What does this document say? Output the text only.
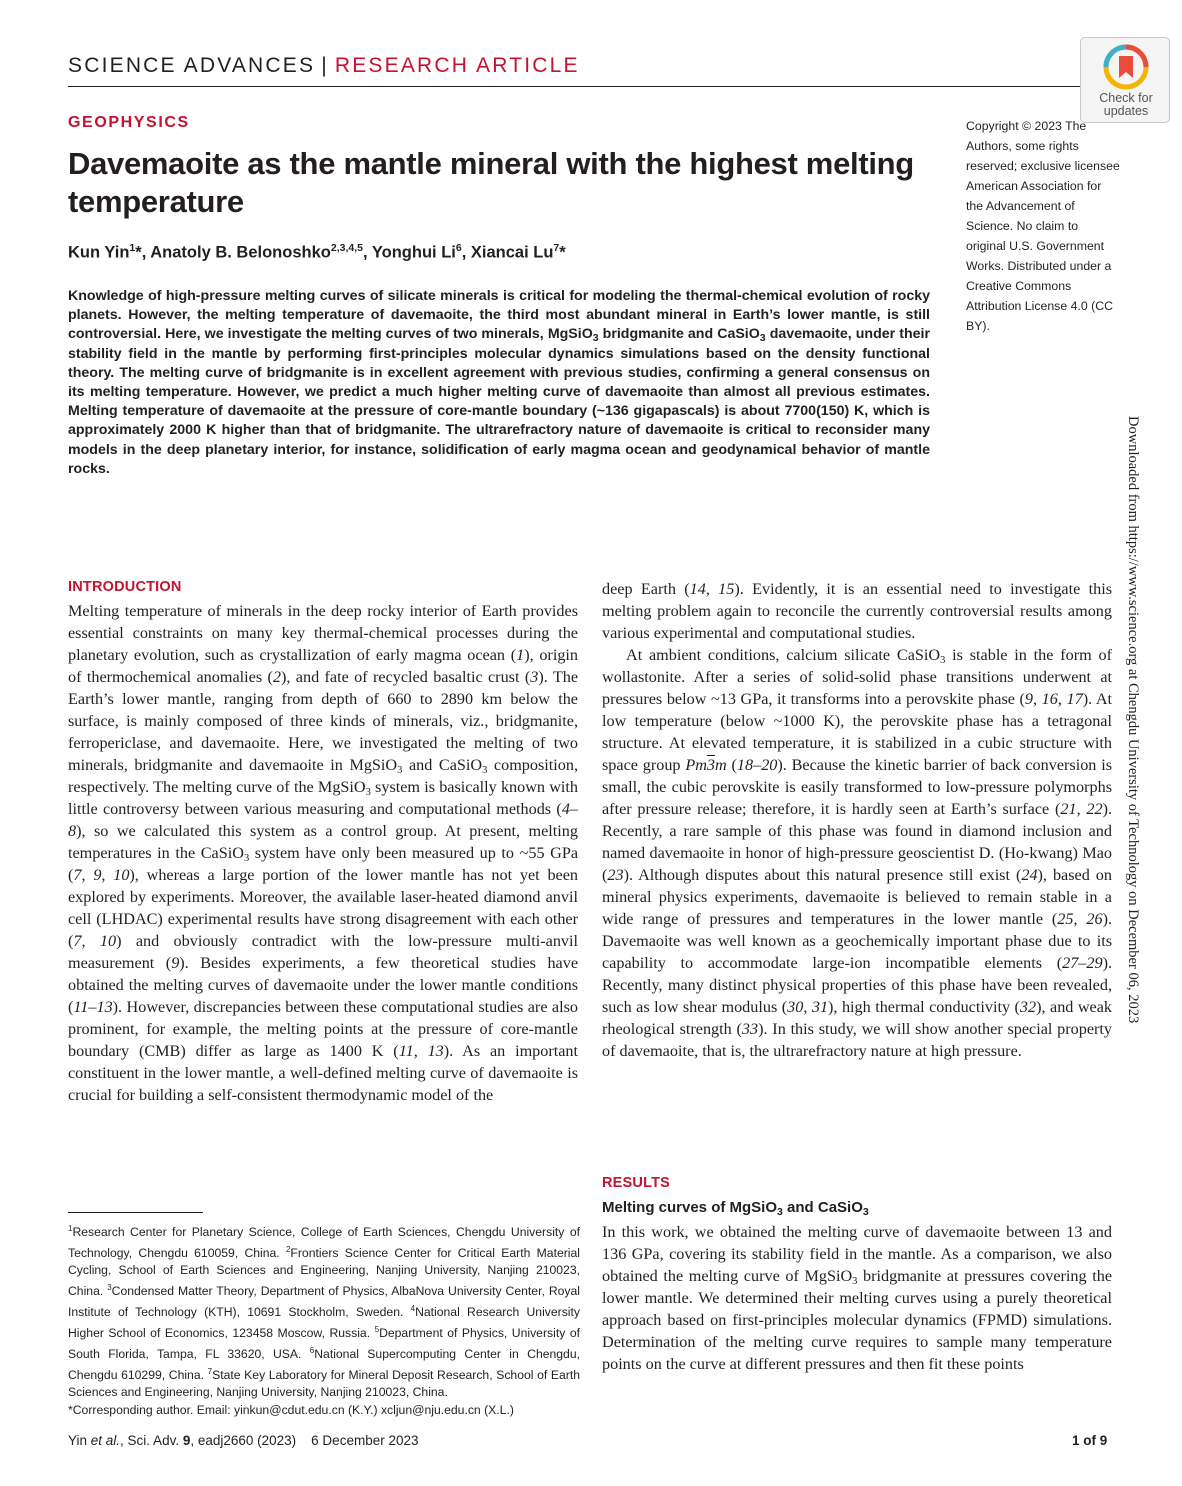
SCIENCE ADVANCES | RESEARCH ARTICLE
Check for
updates
GEOPHYSICS
Davemaoite as the mantle mineral with the highest melting temperature
Kun Yin$^1$*, Anatoly B. Belonoshko$^{2,3,4,5}$, Yonghui Li$^6$, Xiancai Lu$^7$*
Copyright © 2023 The Authors, some rights reserved; exclusive licensee American Association for the Advancement of Science. No claim to original U.S. Government Works. Distributed under a Creative Commons Attribution License 4.0 (CC BY).
Knowledge of high-pressure melting curves of silicate minerals is critical for modeling the thermal-chemical evolution of rocky planets. However, the melting temperature of davemaoite, the third most abundant mineral in Earth’s lower mantle, is still controversial. Here, we investigate the melting curves of two minerals, MgSiO$_3$ bridgmanite and CaSiO$_3$ davemaoite, under their stability field in the mantle by performing first-principles molecular dynamics simulations based on the density functional theory. The melting curve of bridgmanite is in excellent agreement with previous studies, confirming a general consensus on its melting temperature. However, we predict a much higher melting curve of davemaoite than almost all previous estimates. Melting temperature of davemaoite at the pressure of core-mantle boundary (~136 gigapascals) is about 7700(150) K, which is approximately 2000 K higher than that of bridgmanite. The ultrarefractory nature of davemaoite is critical to reconsider many models in the deep planetary interior, for instance, solidification of early magma ocean and geodynamical behavior of mantle rocks.	Downloaded from https://www.science.org at Chengdu University of Technology on December 06, 2023
INTRODUCTION

Melting temperature of minerals in the deep rocky interior of Earth provides essential constraints on many key thermal-chemical processes during the planetary evolution, such as crystallization of early magma ocean (1), origin of thermochemical anomalies (2), and fate of recycled basaltic crust (3). The Earth’s lower mantle, ranging from depth of 660 to 2890 km below the surface, is mainly composed of three kinds of minerals, viz., bridgmanite, ferropericlase, and davemaoite. Here, we investigated the melting of two minerals, bridgmanite and davemaoite in MgSiO$_3$ and CaSiO$_3$ composition, respectively. The melting curve of the MgSiO$_3$ system is basically known with little controversy between various measuring and computational methods (4–8), so we calculated this system as a control group. At present, melting temperatures in the CaSiO$_3$ system have only been measured up to ~55 GPa (7, 9, 10), whereas a large portion of the lower mantle has not yet been explored by experiments. Moreover, the available laser-heated diamond anvil cell (LHDAC) experimental results have strong disagreement with each other (7, 10) and obviously contradict with the low-pressure multi-anvil measurement (9). Besides experiments, a few theoretical studies have obtained the melting curves of davemaoite under the lower mantle conditions (11–13). However, discrepancies between these computational studies are also prominent, for example, the melting points at the pressure of core-mantle boundary (CMB) differ as large as 1400 K (11, 13). As an important constituent in the lower mantle, a well-defined melting curve of davemaoite is crucial for building a self-consistent thermodynamic model of the

$^1$Research Center for Planetary Science, College of Earth Sciences, Chengdu University of Technology, Chengdu 610059, China. $^2$Frontiers Science Center for Critical Earth Material Cycling, School of Earth Sciences and Engineering, Nanjing University, Nanjing 210023, China. $^3$Condensed Matter Theory, Department of Physics, AlbaNova University Center, Royal Institute of Technology (KTH), 10691 Stockholm, Sweden. $^4$National Research University Higher School of Economics, 123458 Moscow, Russia. $^5$Department of Physics, University of South Florida, Tampa, FL 33620, USA. $^6$National Supercomputing Center in Chengdu, Chengdu 610299, China. $^7$State Key Laboratory for Mineral Deposit Research, School of Earth Sciences and Engineering, Nanjing University, Nanjing 210023, China.
*Corresponding author. Email: yinkun@cdut.edu.cn (K.Y.) xcljun@nju.edu.cn (X.L.)

deep Earth (14, 15). Evidently, it is an essential need to investigate this melting problem again to reconcile the currently controversial results among various experimental and computational studies.

At ambient conditions, calcium silicate CaSiO$_3$ is stable in the form of wollastonite. After a series of solid-solid phase transitions underwent at pressures below ~13 GPa, it transforms into a perovskite phase (9, 16, 17). At low temperature (below ~1000 K), the perovskite phase has a tetragonal structure. At elevated temperature, it is stabilized in a cubic structure with space group Pm3m (18–20). Because the kinetic barrier of back conversion is small, the cubic perovskite is easily transformed to low-pressure polymorphs after pressure release; therefore, it is hardly seen at Earth’s surface (21, 22). Recently, a rare sample of this phase was found in diamond inclusion and named davemaoite in honor of high-pressure geoscientist D. (Ho-kwang) Mao (23). Although disputes about this natural presence still exist (24), based on mineral physics experiments, davemaoite is believed to remain stable in a wide range of pressures and temperatures in the lower mantle (25, 26). Davemaoite was well known as a geochemically important phase due to its capability to accommodate large-ion incompatible elements (27–29). Recently, many distinct physical properties of this phase have been revealed, such as low shear modulus (30, 31), high thermal conductivity (32), and weak rheological strength (33). In this study, we will show another special property of davemaoite, that is, the ultrarefractory nature at high pressure.

RESULTS
Melting curves of MgSiO$_3$ and CaSiO$_3$

In this work, we obtained the melting curve of davemaoite between 13 and 136 GPa, covering its stability field in the mantle. As a comparison, we also obtained the melting curve of MgSiO$_3$ bridgmanite at pressures covering the lower mantle. We determined their melting curves using a purely theoretical approach based on first-principles molecular dynamics (FPMD) simulations. Determination of the melting curve requires to sample many temperature points on the curve at different pressures and then fit these points

Yin et al., Sci. Adv. 9, eadj2660 (2023)    6 December 2023	1 of 9
